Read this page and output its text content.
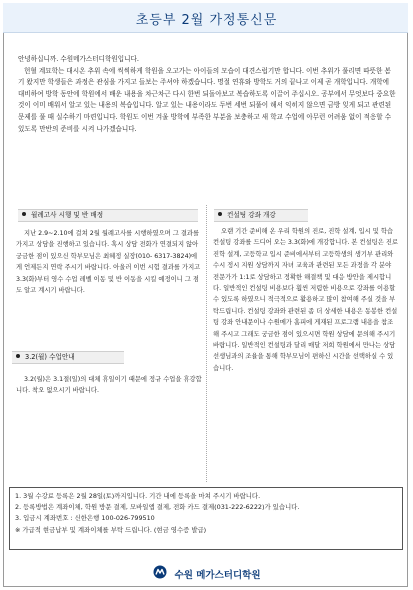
초등부 2월 가정통신문

안녕하십니까. 수원메가스터디학원입니다.

헌혈 계묘학는 대시온 추위 속에 씩씩하게 학원을 오고가는 아이들의 모습이 대견스럽기만 합니다. 이번 추위가 풀리면 따뜻한 봄기 왔지만 학생들은 과정은 관심을 가지고 들보는 주셔야 하겠습니다. 명절 연휴와 방학도 거의 끝나고 이제 곧 개학입니다. 개학에 대비하여 방학 동안에 학원에서 배운 내용을 차근차근 다시 한번 되돌아보고 복습하도록 이끌어 주십시오. 공부에서 무엇보다 중요한 것이 이미 배워서 알고 있는 내용의 복습입니다. 알고 있는 내용이라도 두번 세번 되풀이 해서 익히지 않으면 금방 잊게 되고 관련된 문제를 풀 때 실수하기 마련입니다. 학원도 이번 겨울 방학에 부족한 부분을 보충하고 새 학교 수업에 아무런 어려움 없이 적응할 수 있도록 만반의 준비를 시켜 나가겠습니다.

월례고사 시행 및 반 배정
지난 2.9~2.10에 걸쳐 2월 월례고사를 시행하였으며 그 결과를 가지고 상담을 진행하고 있습니다. 혹시 상담 전화가 연결되지 않아 궁금한 점이 있으신 학부모님은 최혜정 실장(010- 6317-3824)에게 언제든지 연락 주시기 바랍니다. 아울러 이번 시험 결과를 가지고 3.3(화)부터 영수 수업 레벨 이동 및 반 이동을 시킬 예정이니 그 점도 알고 계시기 바랍니다.
3.2(월) 수업안내
3.2(월)은 3.1절(일)의 대체 휴일이기 때문에 정규 수업을 휴강합니다. 착오 없으시기 바랍니다.
컨설팅 강좌 개강
오랜 기간 준비해 온 우리 학원의 진로, 진학 설계, 입시 및 학습 컨설팅 강좌를 드디어 오는 3.3(화)에 개강합니다. 본 컨설팅은 진로 진학 설계, 고등학교 입시 준비에서부터 고등학생의 생기부 관리와 수시 정시 지원 상담까지 자녀 교육과 관련된 모든 과정을 각 분야 전문가가 1:1로 상담하고 정확한 해결책 및 대응 방안을 제시합니다. 일반적인 컨설팅 비용보다 훨씬 저렴한 비용으로 강좌를 이용할 수 있도록 하였으니 적극적으로 활용하고 많이 참여해 주실 것을 부탁드립니다. 컨설팅 강좌와 관련된 좀 더 상세한 내용은 동봉한 컨설팅 강좌 안내문이나 수원메가 홈피에 게재된 프로그램 내용을 참조해 주시고 그래도 궁금한 점이 있으시면 학원 상담에 문의해 주시기 바랍니다. 일반적인 컨설팅과 달리 매달 저희 학원에서 만나는 상담 선생님과의 조율을 통해 학부모님이 편하신 시간을 선택하실 수 있습니다.
1. 3월 수강료 등록은 2월 28일(토)까지입니다. 기간 내에 등록을 마쳐 주시기 바랍니다.
2. 등록방법은 계좌이체, 학원 방문 결제, 모바일앱 결제, 전화 카드 결제(031-222-6222)가 있습니다.
3. 입금시 계좌번호 : 신한은행 100-026-799510
※ 가급적 현금납부 및 계좌이체를 부탁 드립니다. (현금 영수증 발급)
수원 메가스터디학원
